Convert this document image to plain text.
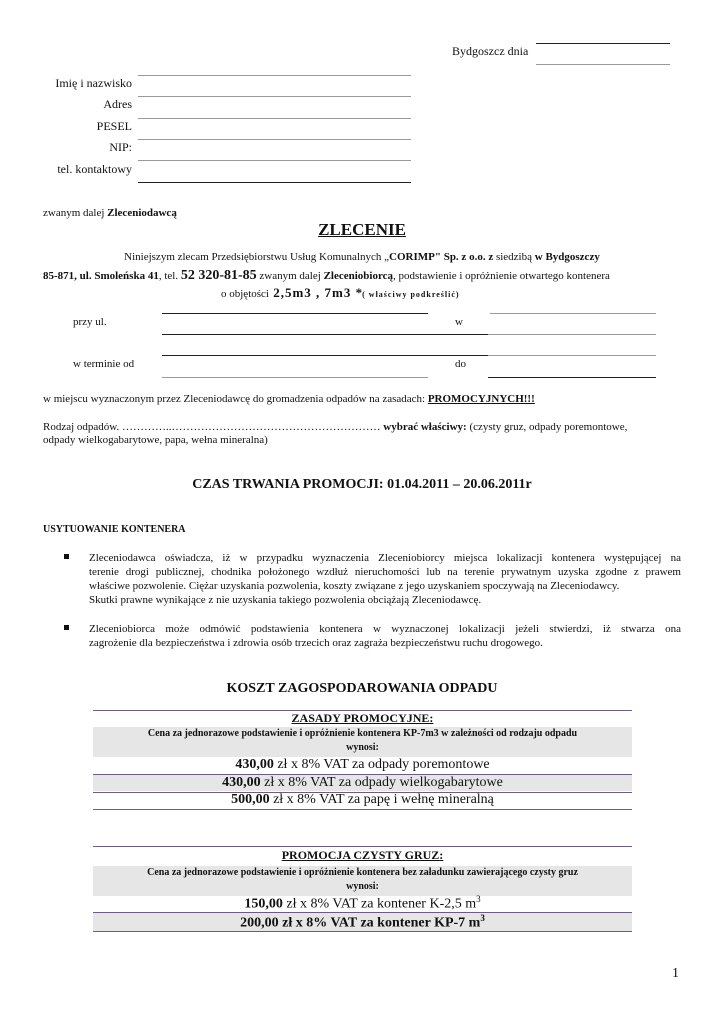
Bydgoszcz dnia
Imię i nazwisko
Adres
PESEL
NIP:
tel. kontaktowy
zwanym dalej Zleceniodawcą
ZLECENIE
Niniejszym zlecam Przedsiębiorstwu Usług Komunalnych „CORIMP" Sp. z o.o. z siedzibą w Bydgoszczy
85-871, ul. Smoleńska 41, tel. 52 320-81-85 zwanym dalej Zleceniobiorcą, podstawienie i opróżnienie otwartego kontenera
o objętości 2,5m3 , 7m3 *( właściwy podkreślić)
przy ul.	w
w terminie od	do
w miejscu wyznaczonym przez Zleceniodawcę do gromadzenia odpadów na zasadach: PROMOCYJNYCH!!!
Rodzaj odpadów. …………..………………………………………………… wybrać właściwy: (czysty gruz, odpady poremontowe,
odpady wielkogabarytowe, papa, wełna mineralna)
CZAS TRWANIA PROMOCJI: 01.04.2011 – 20.06.2011r
USYTUOWANIE KONTENERA
Zleceniodawca oświadcza, iż w przypadku wyznaczenia Zleceniobiorcy miejsca lokalizacji kontenera występującej na
terenie drogi publicznej, chodnika położonego wzdłuż nieruchomości lub na terenie prywatnym uzyska zgodne z prawem
właściwe pozwolenie. Ciężar uzyskania pozwolenia, koszty związane z jego uzyskaniem spoczywają na Zleceniodawcy.
Skutki prawne wynikające z nie uzyskania takiego pozwolenia obciążają Zleceniodawcę.
Zleceniobiorca może odmówić podstawienia kontenera w wyznaczonej lokalizacji jeżeli stwierdzi, iż stwarza ona
zagrożenie dla bezpieczeństwa i zdrowia osób trzecich oraz zagraża bezpieczeństwu ruchu drogowego.
KOSZT ZAGOSPODAROWANIA ODPADU
ZASADY PROMOCYJNE:
Cena za jednorazowe podstawienie i opróżnienie kontenera KP-7m3 w zależności od rodzaju odpadu
wynosi:
430,00 zł x 8% VAT za odpady poremontowe
430,00 zł x 8% VAT za odpady wielkogabarytowe
500,00 zł x 8% VAT za papę i wełnę mineralną
PROMOCJA CZYSTY GRUZ:
Cena za jednorazowe podstawienie i opróżnienie kontenera bez załadunku zawierającego czysty gruz
wynosi:
150,00 zł x 8% VAT za kontener K-2,5 $m^3$
200,00 zł x 8% VAT za kontener KP-7 $m^3$
1
